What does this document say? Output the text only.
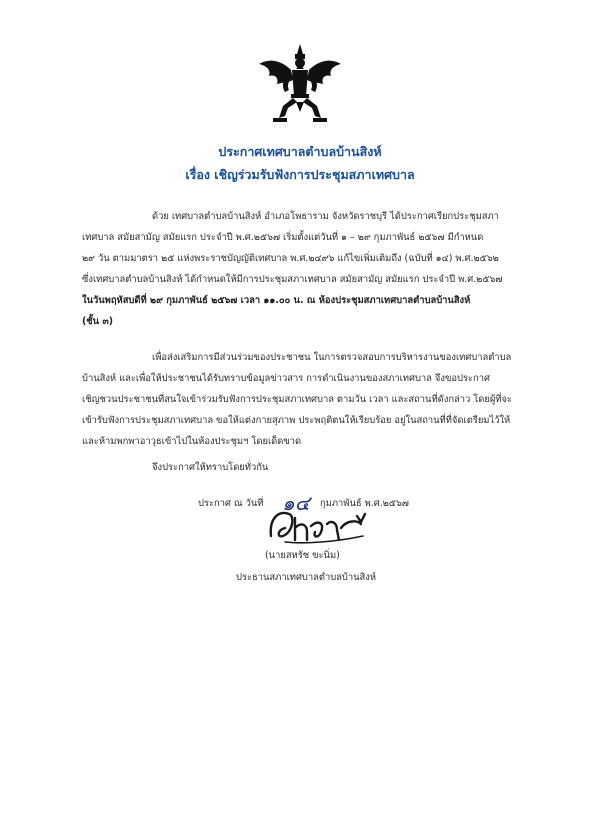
ประกาศเทศบาลตำบลบ้านสิงห์
เรื่อง เชิญร่วมรับฟังการประชุมสภาเทศบาล
ด้วย เทศบาลตำบลบ้านสิงห์ อำเภอโพธาราม จังหวัดราชบุรี ได้ประกาศเรียกประชุมสภา
เทศบาล สมัยสามัญ สมัยแรก ประจำปี พ.ศ.๒๕๖๗ เริ่มตั้งแต่วันที่ ๑ – ๒๙ กุมภาพันธ์ ๒๕๖๗ มีกำหนด
๒๙ วัน ตามมาตรา ๒๕ แห่งพระราชบัญญัติเทศบาล พ.ศ.๒๔๙๖ แก้ไขเพิ่มเติมถึง (ฉบับที่ ๑๔) พ.ศ.๒๕๖๒
ซึ่งเทศบาลตำบลบ้านสิงห์ ได้กำหนดให้มีการประชุมสภาเทศบาล สมัยสามัญ สมัยแรก ประจำปี พ.ศ.๒๕๖๗
ในวันพฤหัสบดีที่ ๒๙ กุมภาพันธ์ ๒๕๖๗ เวลา ๑๑.๐๐ น. ณ ห้องประชุมสภาเทศบาลตำบลบ้านสิงห์
(ชั้น ๓)
เพื่อส่งเสริมการมีส่วนร่วมของประชาชน ในการตรวจสอบการบริหารงานของเทศบาลตำบล
บ้านสิงห์ และเพื่อให้ประชาชนได้รับทราบข้อมูลข่าวสาร การดำเนินงานของสภาเทศบาล จึงขอประกาศ
เชิญชวนประชาชนที่สนใจเข้าร่วมรับฟังการประชุมสภาเทศบาล ตามวัน เวลา และสถานที่ดังกล่าว โดยผู้ที่จะ
เข้ารับฟังการประชุมสภาเทศบาล ขอให้แต่งกายสุภาพ ประพฤติตนให้เรียบร้อย อยู่ในสถานที่ที่จัดเตรียมไว้ให้
และห้ามพกพาอาวุธเข้าไปในห้องประชุมฯ โดยเด็ดขาด
จึงประกาศให้ทราบโดยทั่วกัน
ประกาศ ณ วันที่ ๑๔ กุมภาพันธ์ พ.ศ.๒๕๖๗
(นายสหรัช ขะนิ่ม)
ประธานสภาเทศบาลตำบลบ้านสิงห์
